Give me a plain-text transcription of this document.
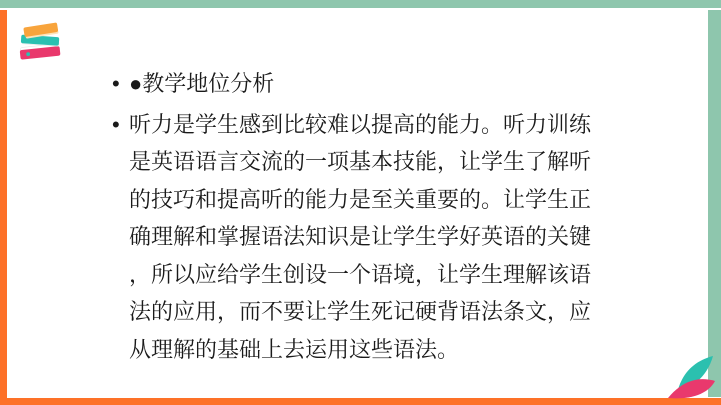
• ●教学地位分析
• 听力是学生感到比较难以提高的能力。听力训练
是英语语言交流的一项基本技能，让学生了解听
的技巧和提高听的能力是至关重要的。让学生正
确理解和掌握语法知识是让学生学好英语的关键
，所以应给学生创设一个语境，让学生理解该语
法的应用，而不要让学生死记硬背语法条文，应
从理解的基础上去运用这些语法。
